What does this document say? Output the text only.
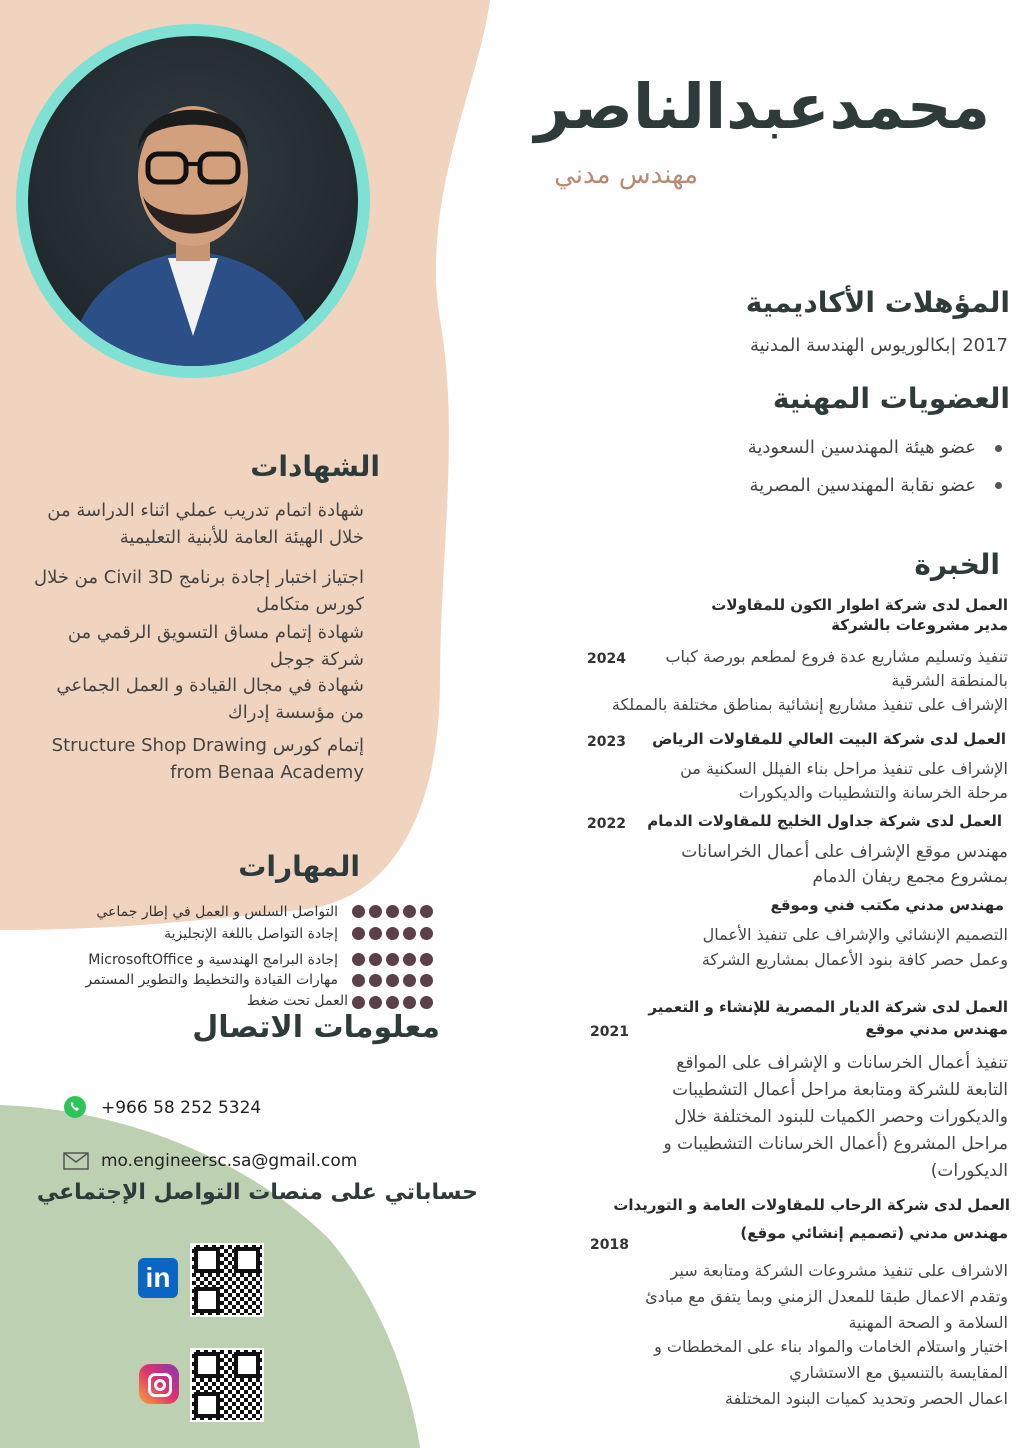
محمدعبدالناصر
مهندس مدني
المؤهلات الأكاديمية
2017 |بكالوريوس الهندسة المدنية
العضويات المهنية
عضو هيئة المهندسين السعودية
عضو نقابة المهندسين المصرية
الشهادات
شهادة اتمام تدريب عملي اثناء الدراسة من خلال الهيئة العامة للأبنية التعليمية
اجتياز اختبار إجادة برنامج Civil 3D من خلال كورس متكامل
شهادة إتمام مساق التسويق الرقمي من شركة جوجل
شهادة في مجال القيادة و العمل الجماعي من مؤسسة إدراك
إتمام كورس Structure Shop Drawing from Benaa Academy
المهارات
التواصل السلس و العمل في إطار جماعي
إجادة التواصل باللغة الإنجليزية
إجادة البرامج الهندسية و MicrosoftOffice
مهارات القيادة والتخطيط والتطوير المستمر
العمل تحت ضغط
معلومات الاتصال
+966 58 252 5324
mo.engineersc.sa@gmail.com
حساباتي على منصات التواصل الإجتماعي
in
الخبرة
العمل لدى شركة اطوار الكون للمقاولات
مدير مشروعات بالشركة
2024	تنفيذ وتسليم مشاريع عدة فروع لمطعم بورصة كباب بالمنطقة الشرقية
الإشراف على تنفيذ مشاريع إنشائية بمناطق مختلفة بالمملكة
العمل لدى شركة البيت العالي للمقاولات الرياض
2023
الإشراف على تنفيذ مراحل بناء الفيلل السكنية من مرحلة الخرسانة والتشطيبات والديكورات
العمل لدى شركة جداول الخليج للمقاولات الدمام
2022
مهندس موقع الإشراف على أعمال الخراسانات بمشروع مجمع ريفان الدمام
مهندس مدني مكتب فني وموقع
التصميم الإنشائي والإشراف على تنفيذ الأعمال
وعمل حصر كافة بنود الأعمال بمشاريع الشركة
العمل لدى شركة الديار المصرية للإنشاء و التعمير
مهندس مدني موقع
2021
تنفيذ أعمال الخرسانات و الإشراف على المواقع التابعة للشركة ومتابعة مراحل أعمال التشطيبات والديكورات وحصر الكميات للبنود المختلفة خلال مراحل المشروع (أعمال الخرسانات التشطيبات و الديكورات)
العمل لدى شركة الرحاب للمقاولات العامة و التوريدات
مهندس مدني (تصميم إنشائي موقع)
2018
الاشراف على تنفيذ مشروعات الشركة ومتابعة سير وتقدم الاعمال طبقا للمعدل الزمني وبما يتفق مع مبادئ السلامة و الصحة المهنية
اختيار واستلام الخامات والمواد بناء على المخططات و المقايسة بالتنسيق مع الاستشاري
اعمال الحصر وتحديد كميات البنود المختلفة
